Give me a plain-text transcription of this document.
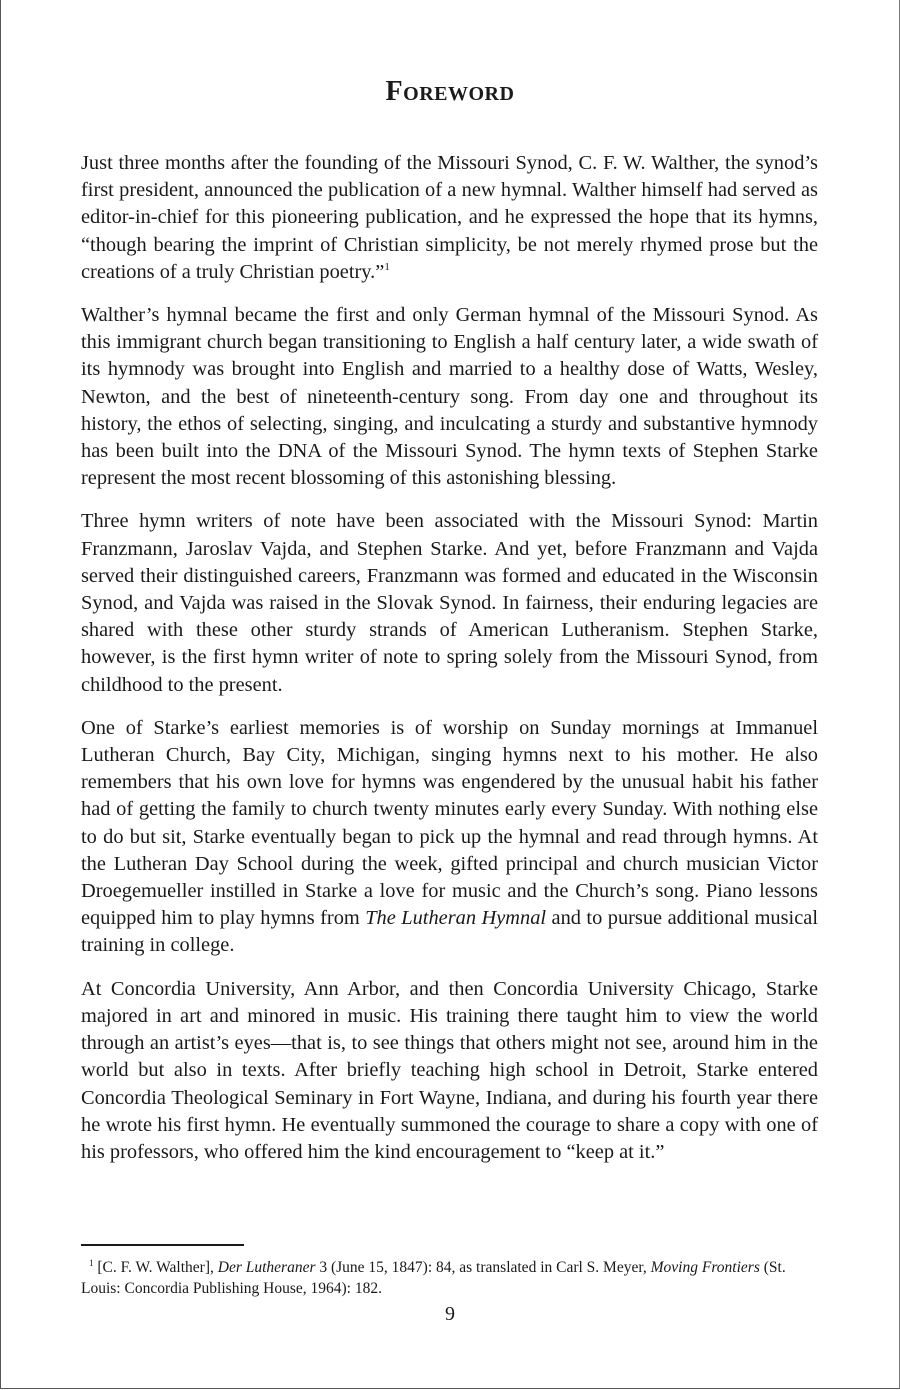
Foreword

Just three months after the founding of the Missouri Synod, C. F. W. Walther, the synod’s first president, announced the publication of a new hymnal. Walther himself had served as editor-in-chief for this pioneering publication, and he expressed the hope that its hymns, “though bearing the imprint of Christian simplicity, be not merely rhymed prose but the creations of a truly Christian poetry.”$^1$

Walther’s hymnal became the first and only German hymnal of the Missouri Synod. As this immigrant church began transitioning to English a half century later, a wide swath of its hymnody was brought into English and married to a healthy dose of Watts, Wesley, Newton, and the best of nineteenth-century song. From day one and throughout its history, the ethos of selecting, singing, and inculcating a sturdy and substantive hymnody has been built into the DNA of the Missouri Synod. The hymn texts of Stephen Starke represent the most recent blossoming of this astonishing blessing.

Three hymn writers of note have been associated with the Missouri Synod: Martin Franzmann, Jaroslav Vajda, and Stephen Starke. And yet, before Franzmann and Vajda served their distinguished careers, Franzmann was formed and educated in the Wisconsin Synod, and Vajda was raised in the Slovak Synod. In fairness, their enduring legacies are shared with these other sturdy strands of American Lutheranism. Stephen Starke, however, is the first hymn writer of note to spring solely from the Missouri Synod, from childhood to the present.

One of Starke’s earliest memories is of worship on Sunday mornings at Immanuel Lutheran Church, Bay City, Michigan, singing hymns next to his mother. He also remembers that his own love for hymns was engendered by the unusual habit his father had of getting the family to church twenty minutes early every Sunday. With nothing else to do but sit, Starke eventually began to pick up the hymnal and read through hymns. At the Lutheran Day School during the week, gifted principal and church musician Victor Droegemueller instilled in Starke a love for music and the Church’s song. Piano lessons equipped him to play hymns from The Lutheran Hymnal and to pursue additional musical training in college.

At Concordia University, Ann Arbor, and then Concordia University Chicago, Starke majored in art and minored in music. His training there taught him to view the world through an artist’s eyes—that is, to see things that others might not see, around him in the world but also in texts. After briefly teaching high school in Detroit, Starke entered Concordia Theological Seminary in Fort Wayne, Indiana, and during his fourth year there he wrote his first hymn. He eventually summoned the courage to share a copy with one of his professors, who offered him the kind encouragement to “keep at it.”

$^1$ [C. F. W. Walther], Der Lutheraner 3 (June 15, 1847): 84, as translated in Carl S. Meyer, Moving Frontiers (St. Louis: Concordia Publishing House, 1964): 182.

9
